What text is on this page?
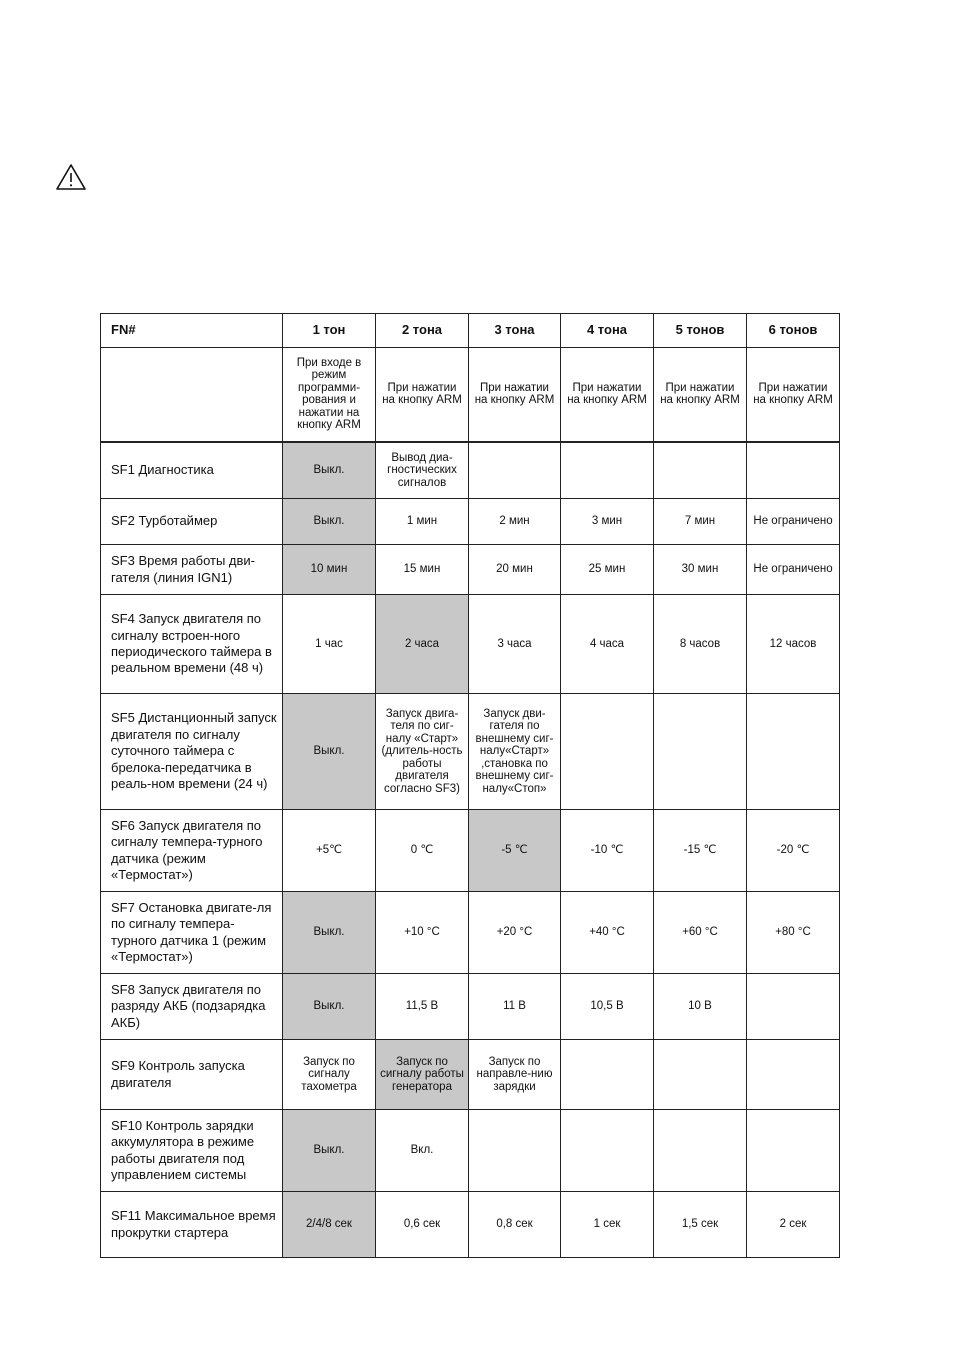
FN#	1 тон	2 тона	3 тона	4 тона	5 тонов	6 тонов
	При входе в режим программи-рования и нажатии на кнопку ARM	При нажатии на кнопку ARM	При нажатии на кнопку ARM	При нажатии на кнопку ARM	При нажатии на кнопку ARM	При нажатии на кнопку ARM
SF1 Диагностика	Выкл.	Вывод диа-гностических сигналов				
SF2 Турботаймер	Выкл.	1 мин	2 мин	3 мин	7 мин	Не ограничено
SF3 Время работы дви-гателя (линия IGN1)	10 мин	15 мин	20 мин	25 мин	30 мин	Не ограничено
SF4 Запуск двигателя по сигналу встроен-ного периодического таймера в реальном времени (48 ч)	1 час	2 часа	3 часа	4 часа	8 часов	12 часов
SF5 Дистанционный запуск двигателя по сигналу суточного таймера с брелока-передатчика в реаль-ном времени (24 ч)	Выкл.	Запуск двига-теля по сиг-налу «Старт» (длитель-ность работы двигателя согласно SF3)	Запуск дви-гателя по внешнему сиг-налу«Старт» ,становка по внешнему сиг-налу«Стоп»			
SF6 Запуск двигателя по сигналу темпера-турного датчика (режим «Термостат»)	+5℃	0 ℃	-5 ℃	-10 ℃	-15 ℃	-20 ℃
SF7 Остановка двигате-ля по сигналу темпера-турного датчика 1 (режим «Термостат»)	Выкл.	+10 °C	+20 °C	+40 °C	+60 °C	+80 °C
SF8 Запуск двигателя по разряду АКБ (подзарядка АКБ)	Выкл.	11,5 В	11 В	10,5 В	10 В	
SF9 Контроль запуска двигателя	Запуск по сигналу тахометра	Запуск по сигналу работы генератора	Запуск по направле-нию зарядки			
SF10 Контроль зарядки аккумулятора в режиме работы двигателя под управлением системы	Выкл.	Вкл.				
SF11 Максимальное время прокрутки стартера	2/4/8 сек	0,6 сек	0,8 сек	1 сек	1,5 сек	2 сек
